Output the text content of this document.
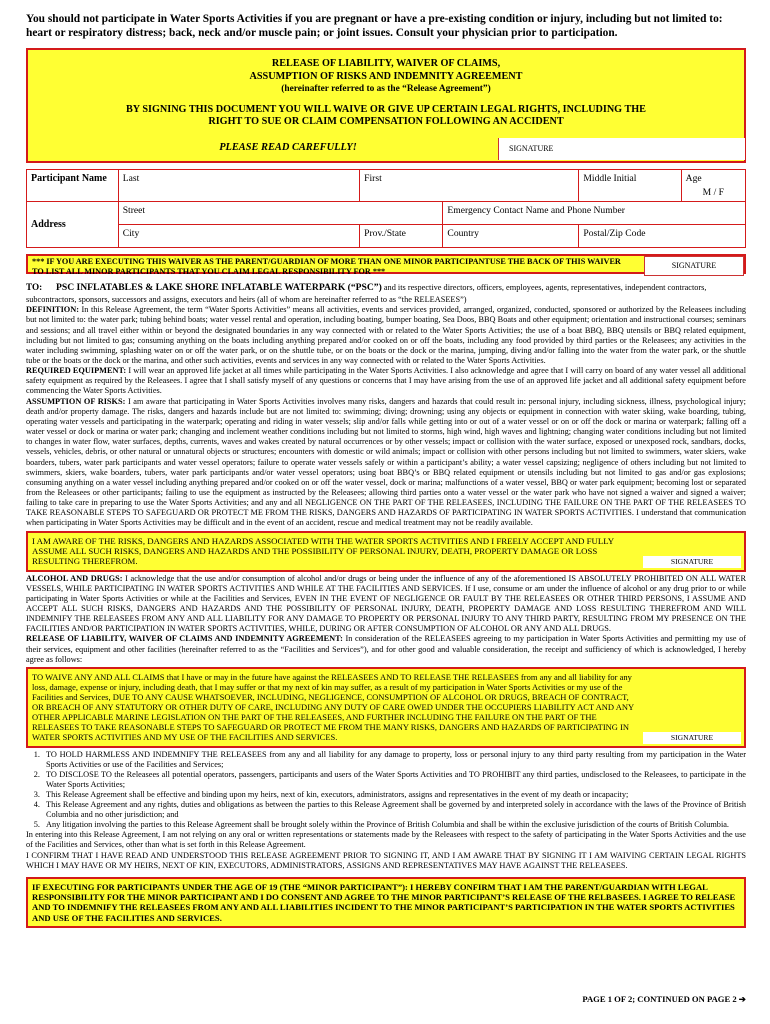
You should not participate in Water Sports Activities if you are pregnant or have a pre-existing condition or injury, including but not limited to: heart or respiratory distress; back, neck and/or muscle pain; or joint issues. Consult your physician prior to participation.
RELEASE OF LIABILITY, WAIVER OF CLAIMS,
ASSUMPTION OF RISKS AND INDEMNITY AGREEMENT
(hereinafter referred to as the “Release Agreement”)
BY SIGNING THIS DOCUMENT YOU WILL WAIVE OR GIVE UP CERTAIN LEGAL RIGHTS, INCLUDING THE
RIGHT TO SUE OR CLAIM COMPENSATION FOLLOWING AN ACCIDENT
PLEASE READ CAREFULLY!	SIGNATURE
Participant Name	Last	First		Middle Initial	Age
M / F

Address	Street		Emergency Contact Name and Phone Number		
	City	Prov./State	Country	Postal/Zip Code	
*** IF YOU ARE EXECUTING THIS WAIVER AS THE PARENT/GUARDIAN OF MORE THAN ONE MINOR PARTICIPANTUSE THE BACK OF THIS WAIVER TO LIST ALL MINOR PARTICIPANTS THAT YOU CLAIM LEGAL RESPONSIBILITY FOR ***
SIGNATURE
TO: PSC INFLATABLES & LAKE SHORE INFLATABLE WATERPARK (“PSC”) and its respective directors, officers, employees, agents, representatives, independent contractors, subcontractors, sponsors, successors and assigns, executors and heirs (all of whom are hereinafter referred to as “the RELEASEES”)

DEFINITION: In this Release Agreement, the term “Water Sports Activities” means all activities, events and services provided, arranged, organized, conducted, sponsored or authorized by the Releasees including but not limited to: the water park; tubing behind boats; water vessel rental and operation, including boating, bumper boating, Sea Doos, BBQ Boats and other equipment; orientation and instructional courses; seminars and sessions; and all travel either within or beyond the designated boundaries in any way connected with or related to the Water Sports Activities; the use of a boat BBQ, BBQ utensils or BBQ related equipment, including but not limited to gas; consuming anything on the boats including anything prepared and/or cooked on or off the boats, including any food provided by third parties or the Releasees; any activities in the water including swimming, splashing water on or off the water park, or on the shuttle tube, or on the boats or the dock or the marina, jumping, diving and/or falling into the water from the water park, or the shuttle tube or the boats or the dock or the marina, and other such activities, events and services in any way connected with or related to the Water Sports Activities.

REQUIRED EQUIPMENT: I will wear an approved life jacket at all times while participating in the Water Sports Activities. I also acknowledge and agree that I will carry on board of any water vessel all additional safety equipment as required by the Releasees. I agree that I shall satisfy myself of any questions or concerns that I may have arising from the use of an approved life jacket and all additional safety equipment before commencing the Water Sports Activities.

ASSUMPTION OF RISKS: I am aware that participating in Water Sports Activities involves many risks, dangers and hazards that could result in: personal injury, including sickness, illness, psychological injury; death and/or property damage. The risks, dangers and hazards include but are not limited to: swimming; diving; drowning; using any objects or equipment in connection with water skiing, wake boarding, tubing, operating water vessels and participating in the waterpark; operating and riding in water vessels; slip and/or falls while getting into or out of a water vessel or on or off the dock or marina or waterpark; falling off a water vessel or dock or marina or water park; changing and inclement weather conditions including but not limited to storms, high wind, high waves and lightning; changing water conditions including but not limited to changes in water flow, water surfaces, depths, currents, waves and wakes created by natural occurrences or by other vessels; impact or collision with the water surface, exposed or unexposed rock, sandbars, docks, vessels, vehicles, debris, or other natural or unnatural objects or structures; encounters with domestic or wild animals; impact or collision with other persons including but not limited to swimmers, water skiers, wake boarders, tubers, water park participants and water vessel operators; failure to operate water vessels safely or within a participant’s ability; a water vessel capsizing; negligence of others including but not limited to swimmers, skiers, wake boarders, tubers, water park participants and/or water vessel operators; using boat BBQ’s or BBQ related equipment or utensils including but not limited to gas and/or gas explosions; consuming anything on a water vessel including anything prepared and/or cooked on or off the water vessel, dock or marina; malfunctions of a water vessel, BBQ or water park equipment; becoming lost or separated from the Releasees or other participants; failing to use the equipment as instructed by the Releasees; allowing third parties onto a water vessel or the water park who have not signed a waiver and signed a waiver; failing to take care in preparing to use the Water Sports Activities; and any and all NEGLIGENCE ON THE PART OF THE RELEASEES, INCLUDING THE FAILURE ON THE PART OF THE RELEASEES TO TAKE REASONABLE STEPS TO SAFEGUARD OR PROTECT ME FROM THE RISKS, DANGERS AND HAZARDS OF PARTICIPATING IN WATER SPORTS ACTIVITIES. I understand that communication when participating in Water Sports Activities may be difficult and in the event of an accident, rescue and medical treatment may not be readily available.

I AM AWARE OF THE RISKS, DANGERS AND HAZARDS ASSOCIATED WITH THE WATER SPORTS ACTIVITIES AND I FREELY ACCEPT AND FULLY ASSUME ALL SUCH RISKS, DANGERS AND HAZARDS AND THE POSSIBILITY OF PERSONAL INJURY, DEATH, PROPERTY DAMAGE OR LOSS RESULTING THEREFROM.	SIGNATURE

ALCOHOL AND DRUGS: I acknowledge that the use and/or consumption of alcohol and/or drugs or being under the influence of any of the aforementioned IS ABSOLUTELY PROHIBITED ON ALL WATER VESSELS, WHILE PARTICIPATING IN WATER SPORTS ACTIVITIES AND WHILE AT THE FACILITIES AND SERVICES. If I use, consume or am under the influence of alcohol or any drug prior to or while participating in Water Sports Activities or while at the Facilities and Services, EVEN IN THE EVENT OF NEGLIGENCE OR FAULT BY THE RELEASEES OR OTHER THIRD PERSONS, I ASSUME AND ACCEPT ALL SUCH RISKS, DANGERS AND HAZARDS AND THE POSSIBILITY OF PERSONAL INJURY, DEATH, PROPERTY DAMAGE AND LOSS RESULTING THEREFROM AND WILL INDEMNIFY THE RELEASEES FROM ANY AND ALL LIABILITY FOR ANY DAMAGE TO PROPERTY OR PERSONAL INJURY TO ANY THIRD PARTY, RESULTING FROM MY PRESENCE ON THE FACILITIES AND/OR PARTICIPATION IN WATER SPORTS ACTIVITIES, WHILE, DURING OR AFTER CONSUMPTION OF ALCOHOL OR ANY AND ALL DRUGS.

RELEASE OF LIABILITY, WAIVER OF CLAIMS AND INDEMNITY AGREEMENT: In consideration of the RELEASEES agreeing to my participation in Water Sports Activities and permitting my use of their services, equipment and other facilities (hereinafter referred to as the “Facilities and Services”), and for other good and valuable consideration, the receipt and sufficiency of which is acknowledged, I hereby agree as follows:

TO WAIVE ANY AND ALL CLAIMS that I have or may in the future have against the RELEASEES AND TO RELEASE THE RELEASEES from any and all liability for any loss, damage, expense or injury, including death, that I may suffer or that my next of kin may suffer, as a result of my participation in Water Sports Activities or my use of the Facilities and Services, DUE TO ANY CAUSE WHATSOEVER, INCLUDING, NEGLIGENCE, CONSUMPTION OF ALCOHOL OR DRUGS, BREACH OF CONTRACT, OR BREACH OF ANY STATUTORY OR OTHER DUTY OF CARE, INCLUDING ANY DUTY OF CARE OWED UNDER THE OCCUPIERS LIABILITY ACT AND ANY OTHER APPLICABLE MARINE LEGISLATION ON THE PART OF THE RELEASEES, AND FURTHER INCLUDING THE FAILURE ON THE PART OF THE RELEASEES TO TAKE REASONABLE STEPS TO SAFEGUARD OR PROTECT ME FROM THE MANY RISKS, DANGERS AND HAZARDS OF PARTICIPATING IN WATER SPORTS ACTIVITIES AND MY USE OF THE FACILITIES AND SERVICES.	SIGNATURE
1. TO HOLD HARMLESS AND INDEMNIFY THE RELEASEES from any and all liability for any damage to property, loss or personal injury to any third party resulting from my participation in the Water Sports Activities or use of the Facilities and Services;
2. TO DISCLOSE TO the Releasees all potential operators, passengers, participants and users of the Water Sports Activities and TO PROHIBIT any third parties, undisclosed to the Releasees, to participate in the Water Sports Activities;
3. This Release Agreement shall be effective and binding upon my heirs, next of kin, executors, administrators, assigns and representatives in the event of my death or incapacity;
4. This Release Agreement and any rights, duties and obligations as between the parties to this Release Agreement shall be governed by and interpreted solely in accordance with the laws of the Province of British Columbia and no other jurisdiction; and
5. Any litigation involving the parties to this Release Agreement shall be brought solely within the Province of British Columbia and shall be within the exclusive jurisdiction of the courts of British Columbia.

In entering into this Release Agreement, I am not relying on any oral or written representations or statements made by the Releasees with respect to the safety of participating in the Water Sports Activities and the use of the Facilities and Services, other than what is set forth in this Release Agreement.

I CONFIRM THAT I HAVE READ AND UNDERSTOOD THIS RELEASE AGREEMENT PRIOR TO SIGNING IT, AND I AM AWARE THAT BY SIGNING IT I AM WAIVING CERTAIN LEGAL RIGHTS WHICH I MAY HAVE OR MY HEIRS, NEXT OF KIN, EXECUTORS, ADMINISTRATORS, ASSIGNS AND REPRESENTATIVES MAY HAVE AGAINST THE RELEASEES.

IF EXECUTING FOR PARTICIPANTS UNDER THE AGE OF 19 (THE “MINOR PARTICIPANT”): I HEREBY CONFIRM THAT I AM THE PARENT/GUARDIAN WITH LEGAL RESPONSIBILITY FOR THE MINOR PARTICIPANT AND I DO CONSENT AND AGREE TO THE MINOR PARTICIPANT’S RELEASE OF THE RELBASEES. I AGREE TO RELEASE AND TO INDEMNIFY THE RELEASEES FROM ANY AND ALL LIABILITIES INCIDENT TO THE MINOR PARTICIPANT’S PARTICIPATION IN THE WATER SPORTS ACTIVITIES AND USE OF THE FACILITIES AND SERVICES.
PAGE 1 OF 2; CONTINUED ON PAGE 2 ➔
